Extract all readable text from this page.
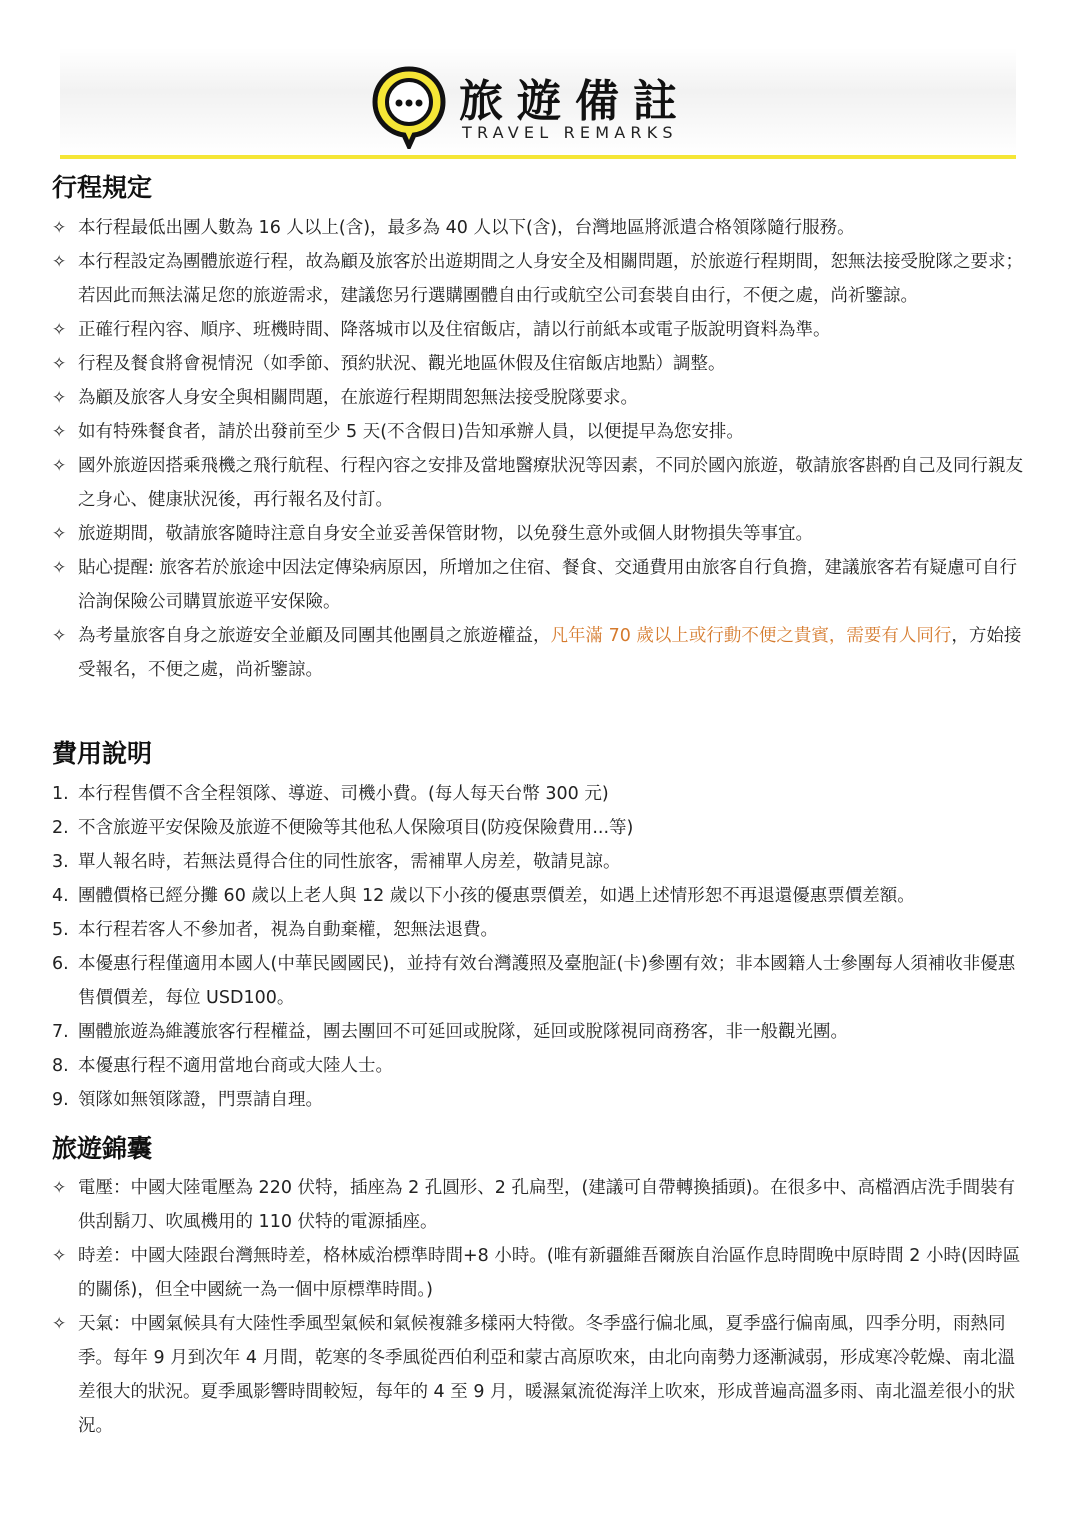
旅遊備註
TRAVEL REMARKS
行程規定
✧ 本行程最低出團人數為 16 人以上(含)，最多為 40 人以下(含)，台灣地區將派遣合格領隊隨行服務。
✧ 本行程設定為團體旅遊行程，故為顧及旅客於出遊期間之人身安全及相關問題，於旅遊行程期間，恕無法接受脫隊之要求；若因此而無法滿足您的旅遊需求，建議您另行選購團體自由行或航空公司套裝自由行，不便之處，尚祈鑒諒。
✧ 正確行程內容、順序、班機時間、降落城市以及住宿飯店，請以行前紙本或電子版說明資料為準。
✧ 行程及餐食將會視情況（如季節、預約狀況、觀光地區休假及住宿飯店地點）調整。
✧ 為顧及旅客人身安全與相關問題，在旅遊行程期間恕無法接受脫隊要求。
✧ 如有特殊餐食者，請於出發前至少 5 天(不含假日)告知承辦人員，以便提早為您安排。
✧ 國外旅遊因搭乘飛機之飛行航程、行程內容之安排及當地醫療狀況等因素，不同於國內旅遊，敬請旅客斟酌自己及同行親友之身心、健康狀況後，再行報名及付訂。
✧ 旅遊期間，敬請旅客隨時注意自身安全並妥善保管財物，以免發生意外或個人財物損失等事宜。
✧ 貼心提醒: 旅客若於旅途中因法定傳染病原因，所增加之住宿、餐食、交通費用由旅客自行負擔，建議旅客若有疑慮可自行洽詢保險公司購買旅遊平安保險。
✧ 為考量旅客自身之旅遊安全並顧及同團其他團員之旅遊權益，凡年滿 70 歲以上或行動不便之貴賓，需要有人同行，方始接受報名，不便之處，尚祈鑒諒。
費用說明
1. 本行程售價不含全程領隊、導遊、司機小費。(每人每天台幣 300 元)
2. 不含旅遊平安保險及旅遊不便險等其他私人保險項目(防疫保險費用...等)
3. 單人報名時，若無法覓得合住的同性旅客，需補單人房差，敬請見諒。
4. 團體價格已經分攤 60 歲以上老人與 12 歲以下小孩的優惠票價差，如遇上述情形恕不再退還優惠票價差額。
5. 本行程若客人不參加者，視為自動棄權，恕無法退費。
6. 本優惠行程僅適用本國人(中華民國國民)，並持有效台灣護照及臺胞証(卡)參團有效；非本國籍人士參團每人須補收非優惠售價價差，每位 USD100。
7. 團體旅遊為維護旅客行程權益，團去團回不可延回或脫隊，延回或脫隊視同商務客，非一般觀光團。
8. 本優惠行程不適用當地台商或大陸人士。
9. 領隊如無領隊證，門票請自理。
旅遊錦囊
✧ 電壓：中國大陸電壓為 220 伏特，插座為 2 孔圓形、2 孔扁型，(建議可自帶轉換插頭)。在很多中、高檔酒店洗手間裝有供刮鬍刀、吹風機用的 110 伏特的電源插座。
✧ 時差：中國大陸跟台灣無時差，格林威治標準時間+8 小時。(唯有新疆維吾爾族自治區作息時間晚中原時間 2 小時(因時區的關係)，但全中國統一為一個中原標準時間。)
✧ 天氣：中國氣候具有大陸性季風型氣候和氣候複雜多樣兩大特徵。冬季盛行偏北風，夏季盛行偏南風，四季分明，雨熱同季。每年 9 月到次年 4 月間，乾寒的冬季風從西伯利亞和蒙古高原吹來，由北向南勢力逐漸減弱，形成寒冷乾燥、南北溫差很大的狀況。夏季風影響時間較短，每年的 4 至 9 月，暖濕氣流從海洋上吹來，形成普遍高溫多雨、南北溫差很小的狀況。
